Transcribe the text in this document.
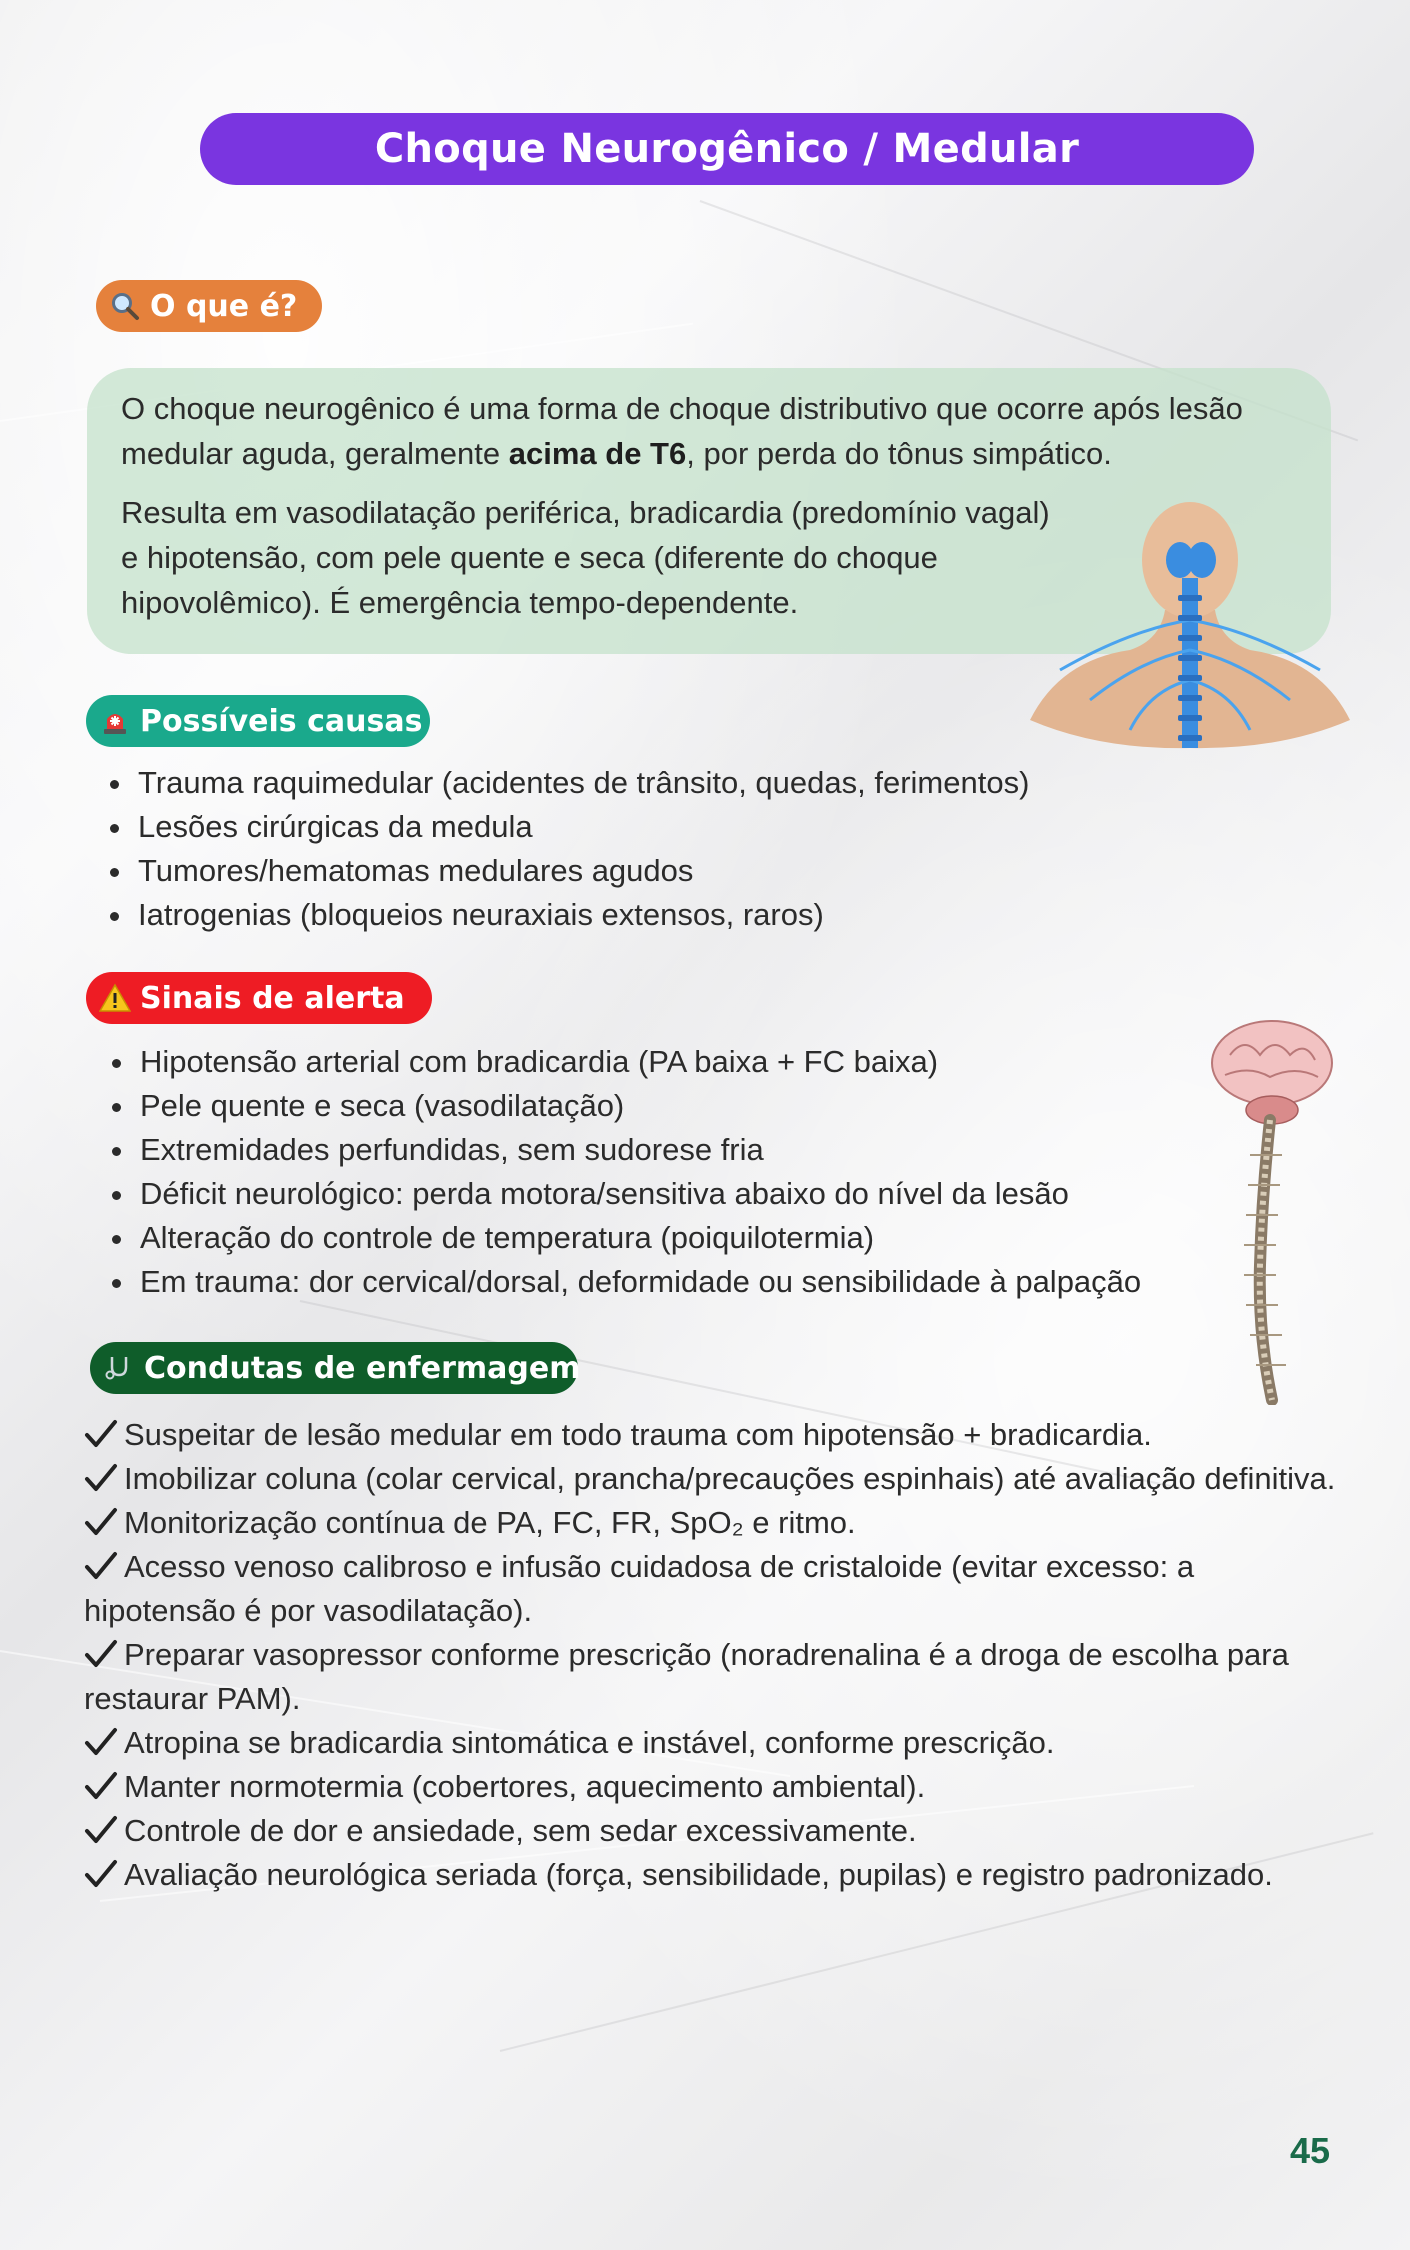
Choque Neurogênico / Medular
O que é?

O choque neurogênico é uma forma de choque distributivo que ocorre após lesão medular aguda, geralmente acima de T6, por perda do tônus simpático.

Resulta em vasodilatação periférica, bradicardia (predomínio vagal) e hipotensão, com pele quente e seca (diferente do choque hipovolêmico). É emergência tempo-dependente.

Possíveis causas
Trauma raquimedular (acidentes de trânsito, quedas, ferimentos)
Lesões cirúrgicas da medula
Tumores/hematomas medulares agudos
Iatrogenias (bloqueios neuraxiais extensos, raros)
Sinais de alerta
Hipotensão arterial com bradicardia (PA baixa + FC baixa)
Pele quente e seca (vasodilatação)
Extremidades perfundidas, sem sudorese fria
Déficit neurológico: perda motora/sensitiva abaixo do nível da lesão
Alteração do controle de temperatura (poiquilotermia)
Em trauma: dor cervical/dorsal, deformidade ou sensibilidade à palpação
Condutas de enfermagem
Suspeitar de lesão medular em todo trauma com hipotensão + bradicardia.
Imobilizar coluna (colar cervical, prancha/precauções espinhais) até avaliação definitiva.
Monitorização contínua de PA, FC, FR, SpO₂ e ritmo.
Acesso venoso calibroso e infusão cuidadosa de cristaloide (evitar excesso: a hipotensão é por vasodilatação).
Preparar vasopressor conforme prescrição (noradrenalina é a droga de escolha para restaurar PAM).
Atropina se bradicardia sintomática e instável, conforme prescrição.
Manter normotermia (cobertores, aquecimento ambiental).
Controle de dor e ansiedade, sem sedar excessivamente.
Avaliação neurológica seriada (força, sensibilidade, pupilas) e registro padronizado.
45
